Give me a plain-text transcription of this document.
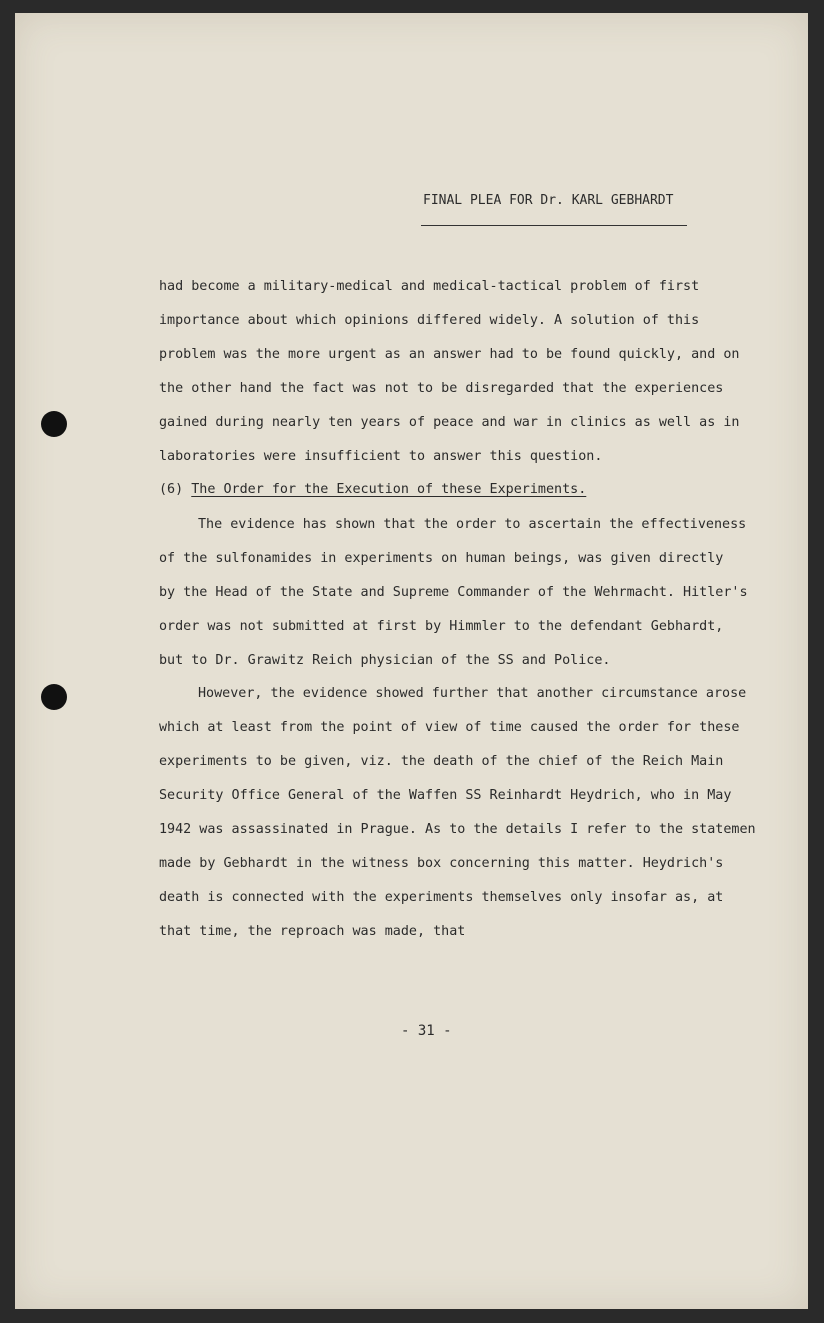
FINAL PLEA FOR Dr. KARL GEBHARDT
had become a military-medical and medical-tactical problem of first
importance about which opinions differed widely. A solution of this
problem was the more urgent as an answer had to be found quickly, and on
the other hand the fact was not to be disregarded that the experiences
gained during nearly ten years of peace and war in clinics as well as in
laboratories were insufficient to answer this question.
(6) The Order for the Execution of these Experiments.
The evidence has shown that the order to ascertain the effectiveness
of the sulfonamides in experiments on human beings, was given directly
by the Head of the State and Supreme Commander of the Wehrmacht. Hitler's
order was not submitted at first by Himmler to the defendant Gebhardt,
but to Dr. Grawitz Reich physician of the SS and Police.
However, the evidence showed further that another circumstance arose
which at least from the point of view of time caused the order for these
experiments to be given, viz. the death of the chief of the Reich Main
Security Office General of the Waffen SS Reinhardt Heydrich, who in May
1942 was assassinated in Prague. As to the details I refer to the statemen
made by Gebhardt in the witness box concerning this matter. Heydrich's
death is connected with the experiments themselves only insofar as, at
that time, the reproach was made, that
- 31 -
